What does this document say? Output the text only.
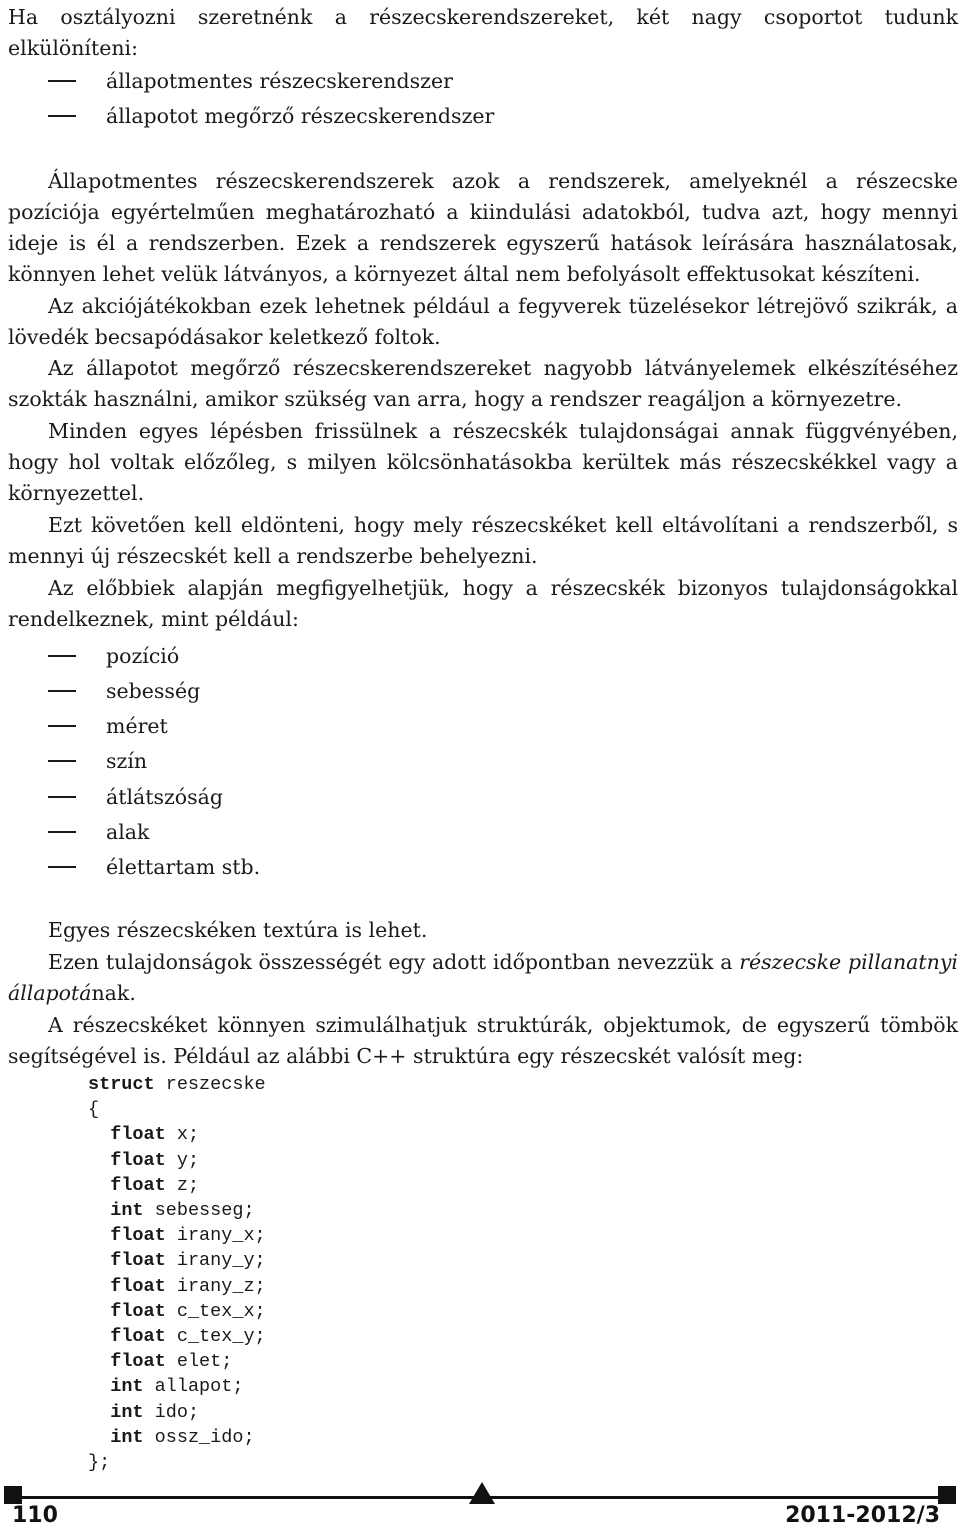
Ha osztályozni szeretnénk a részecskerendszereket, két nagy csoportot tudunk elkülöníteni:

állapotmentes részecskerendszer
állapotot megőrző részecskerendszer

Állapotmentes részecskerendszerek azok a rendszerek, amelyeknél a részecske pozíciója egyértelműen meghatározható a kiindulási adatokból, tudva azt, hogy mennyi ideje is él a rendszerben. Ezek a rendszerek egyszerű hatások leírására használatosak, könnyen lehet velük látványos, a környezet által nem befolyásolt effektusokat készíteni.

Az akciójátékokban ezek lehetnek például a fegyverek tüzelésekor létrejövő szikrák, a lövedék becsapódásakor keletkező foltok.

Az állapotot megőrző részecskerendszereket nagyobb látványelemek elkészítéséhez szokták használni, amikor szükség van arra, hogy a rendszer reagáljon a környezetre.

Minden egyes lépésben frissülnek a részecskék tulajdonságai annak függvényében, hogy hol voltak előzőleg, s milyen kölcsönhatásokba kerültek más részecskékkel vagy a környezettel.

Ezt követően kell eldönteni, hogy mely részecskéket kell eltávolítani a rendszerből, s mennyi új részecskét kell a rendszerbe behelyezni.

Az előbbiek alapján megfigyelhetjük, hogy a részecskék bizonyos tulajdonságokkal rendelkeznek, mint például:

pozíció
sebesség
méret
szín
átlátszóság
alak
élettartam stb.

Egyes részecskéken textúra is lehet.

Ezen tulajdonságok összességét egy adott időpontban nevezzük a részecske pillanatnyi állapotának.

A részecskéket könnyen szimulálhatjuk struktúrák, objektumok, de egyszerű tömbök segítségével is. Például az alábbi C++ struktúra egy részecskét valósít meg:

struct reszecske
{
float x;
float y;
float z;
int sebesseg;
float irany_x;
float irany_y;
float irany_z;
float c_tex_x;
float c_tex_y;
float elet;
int allapot;
int ido;
int ossz_ido;
};
110	2011-2012/3
